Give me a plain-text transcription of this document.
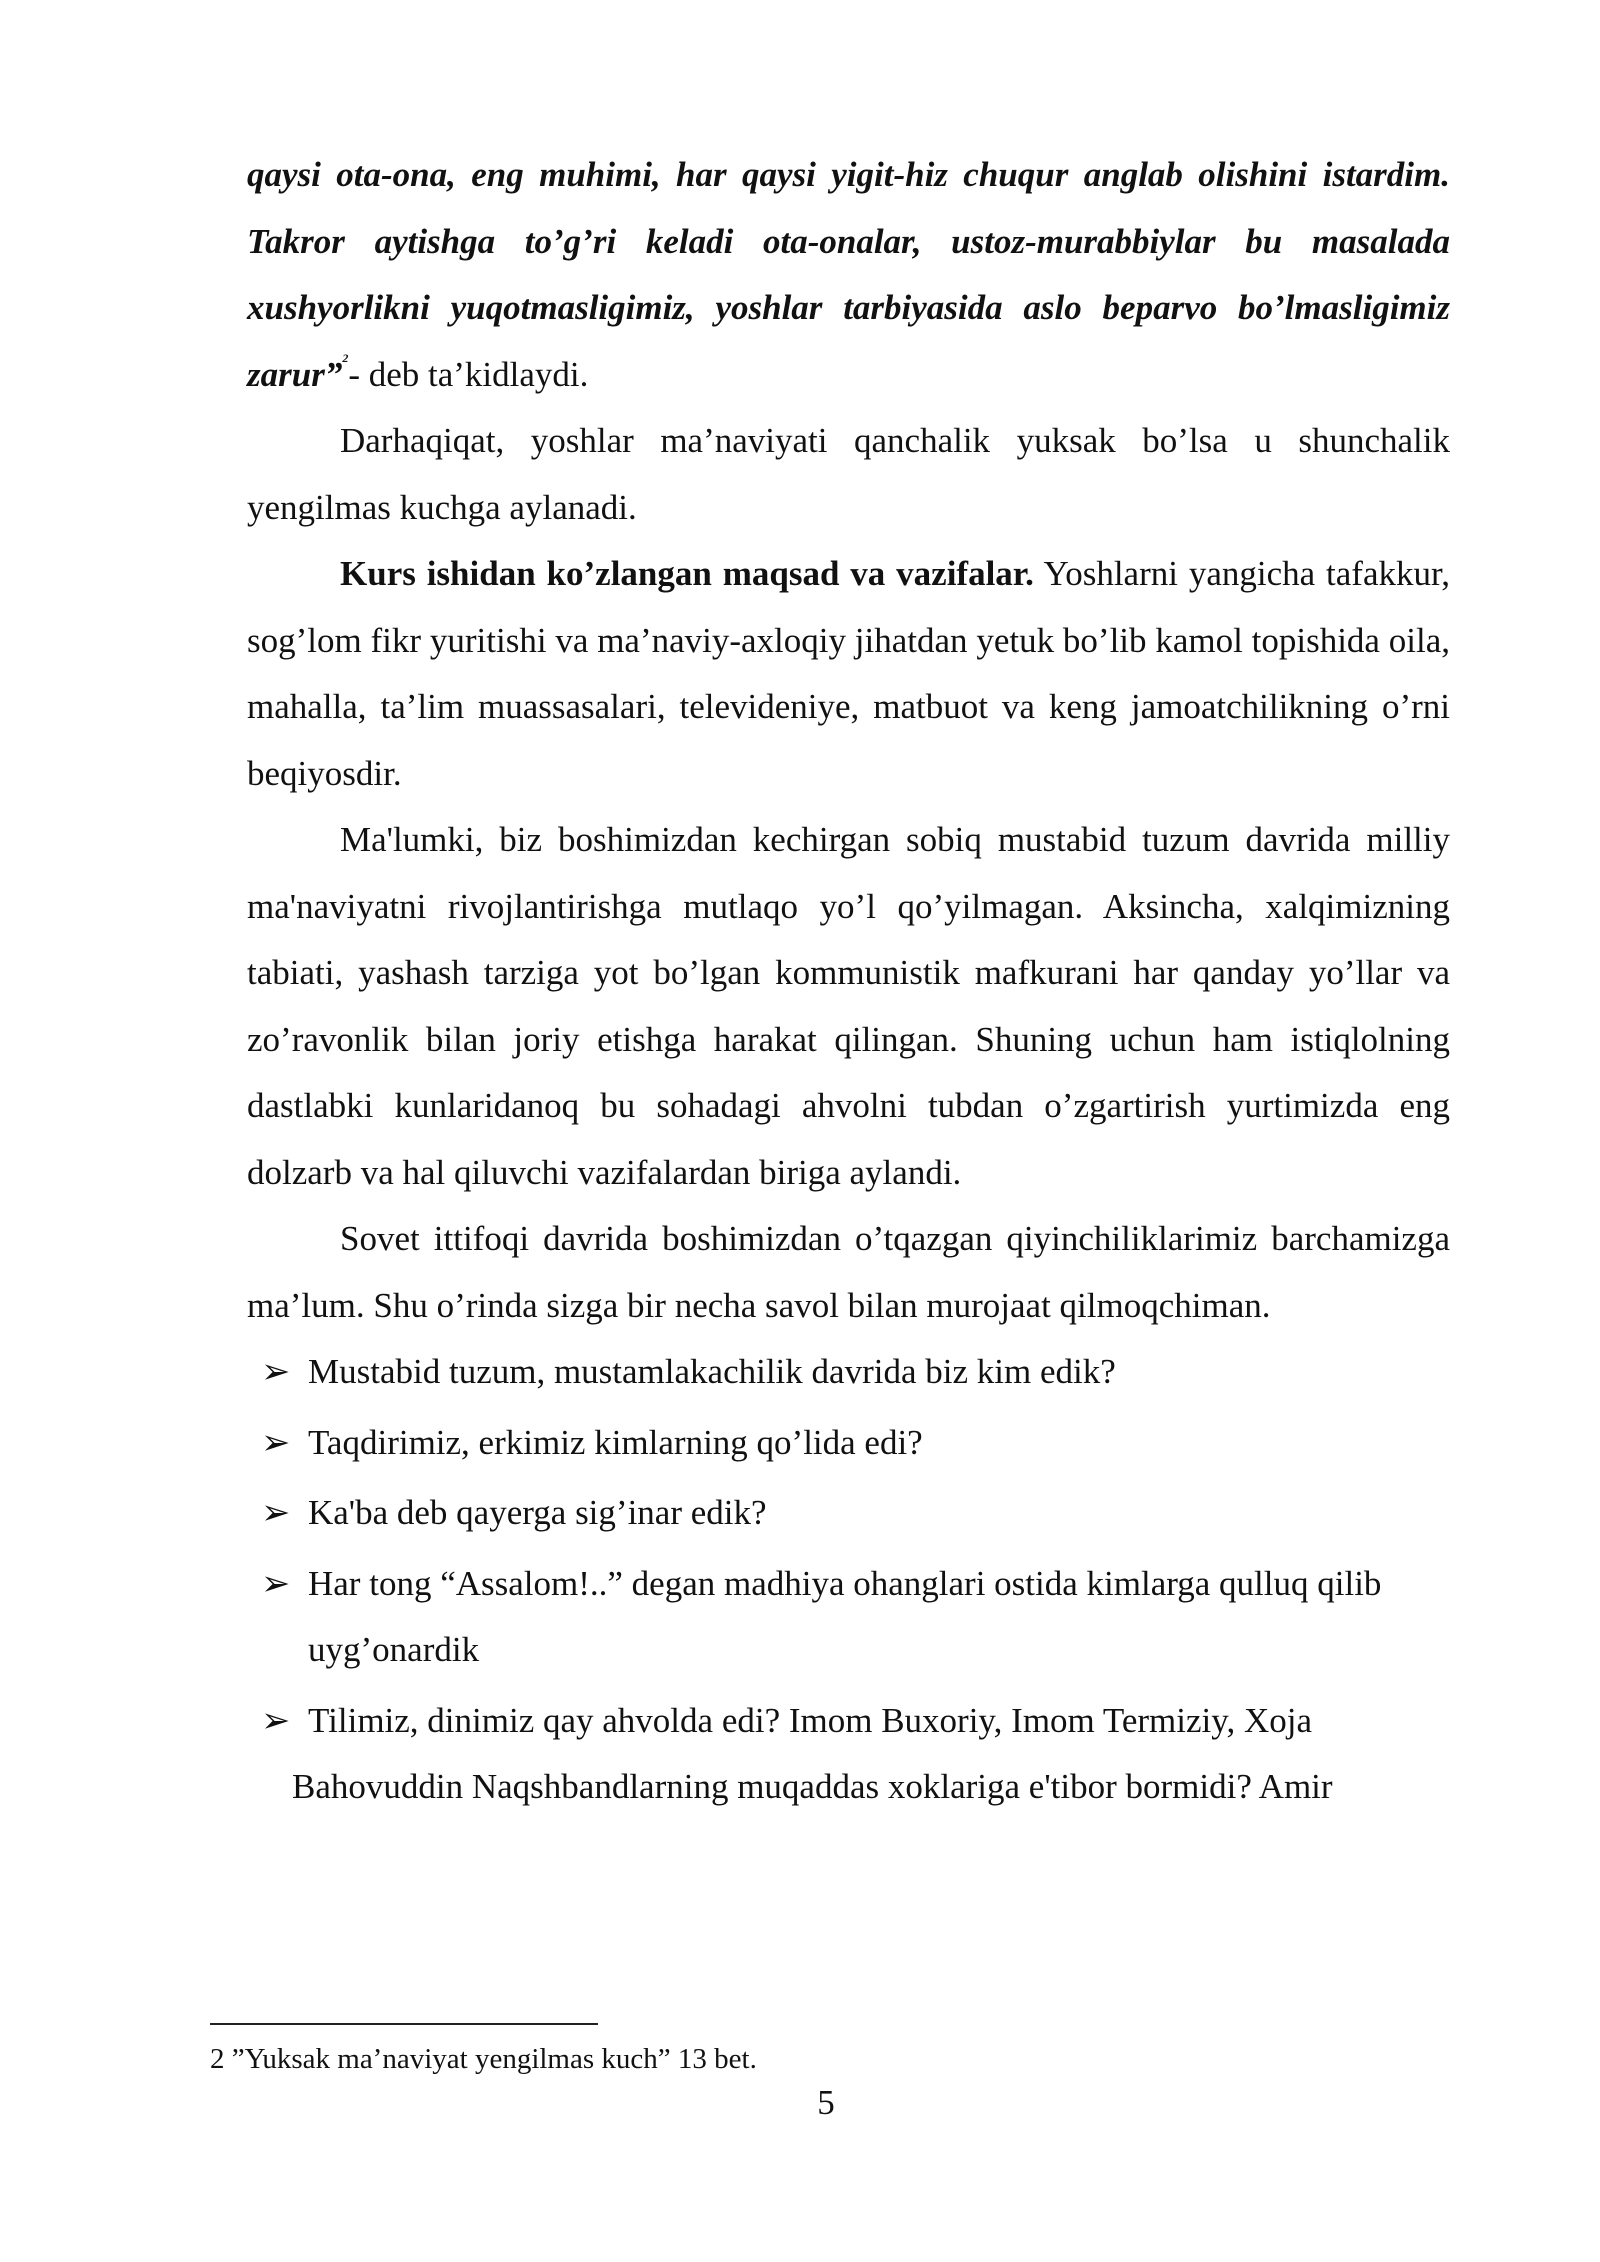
qaysi ota-ona, eng muhimi, har qaysi yigit-hiz chuqur anglab olishini istardim. Takror aytishga to’g’ri keladi ota-onalar, ustoz-murabbiylar bu masalada xushyorlikni yuqotmasligimiz, yoshlar tarbiyasida aslo beparvo bo’lmasligimiz zarur”$^2$- deb ta’kidlaydi.

Darhaqiqat, yoshlar ma’naviyati qanchalik yuksak bo’lsa u shunchalik yengilmas kuchga aylanadi.

Kurs ishidan ko’zlangan maqsad va vazifalar. Yoshlarni yangicha tafakkur, sog’lom fikr yuritishi va ma’naviy-axloqiy jihatdan yetuk bo’lib kamol topishida oila, mahalla, ta’lim muassasalari, televideniye, matbuot va keng jamoatchilikning o’rni beqiyosdir.

Ma'lumki, biz boshimizdan kechirgan sobiq mustabid tuzum davrida milliy ma'naviyatni rivojlantirishga mutlaqo yo’l qo’yilmagan. Aksincha, xalqimizning tabiati, yashash tarziga yot bo’lgan kommunistik mafkurani har qanday yo’llar va zo’ravonlik bilan joriy etishga harakat qilingan. Shuning uchun ham istiqlolning dastlabki kunlaridanoq bu sohadagi ahvolni tubdan o’zgartirish yurtimizda eng dolzarb va hal qiluvchi vazifalardan biriga aylandi.

Sovet ittifoqi davrida boshimizdan o’tqazgan qiyinchiliklarimiz barchamizga ma’lum. Shu o’rinda sizga bir necha savol bilan murojaat qilmoqchiman.

➢ Mustabid tuzum, mustamlakachilik davrida biz kim edik?
➢ Taqdirimiz, erkimiz kimlarning qo’lida edi?
➢ Ka'ba deb qayerga sig’inar edik?
➢ Har tong “Assalom!..” degan madhiya ohanglari ostida kimlarga qulluq qilib uyg’onardik
➢ Tilimiz, dinimiz qay ahvolda edi? Imom Buxoriy, Imom Termiziy, Xoja
Bahovuddin Naqshbandlarning muqaddas xoklariga e'tibor bormidi? Amir
2 ”Yuksak ma’naviyat yengilmas kuch” 13 bet.
5
